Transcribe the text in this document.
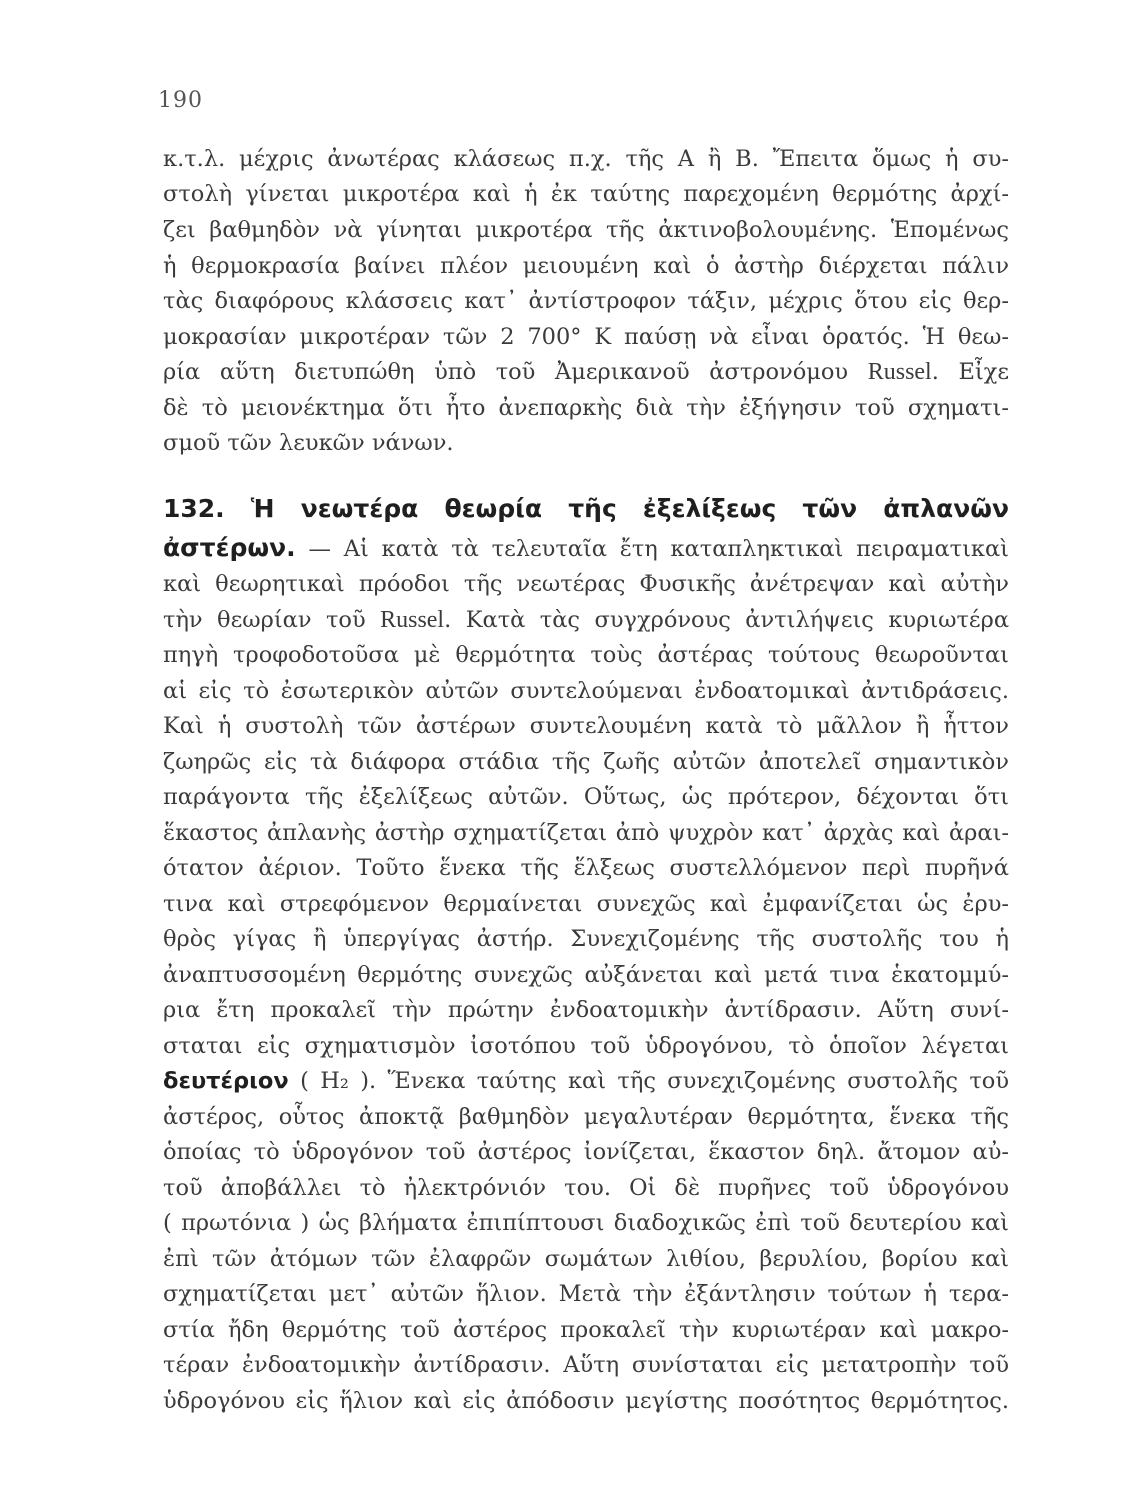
190
κ.τ.λ. μέχρις ἀνωτέρας κλάσεως π.χ. τῆς Α ἢ Β. Ἔπειτα ὅμως ἡ συ-
στολὴ γίνεται μικροτέρα καὶ ἡ ἐκ ταύτης παρεχομένη θερμότης ἀρχί-
ζει βαθμηδὸν νὰ γίνηται μικροτέρα τῆς ἀκτινοβολουμένης. Ἑπομένως
ἡ θερμοκρασία βαίνει πλέον μειουμένη καὶ ὁ ἀστὴρ διέρχεται πάλιν
τὰς διαφόρους κλάσσεις κατ᾽ ἀντίστροφον τάξιν, μέχρις ὅτου εἰς θερ-
μοκρασίαν μικροτέραν τῶν 2 700° K παύσῃ νὰ εἶναι ὁρατός. Ἡ θεω-
ρία αὕτη διετυπώθη ὑπὸ τοῦ Ἀμερικανοῦ ἀστρονόμου Russel. Εἶχε
δὲ τὸ μειονέκτημα ὅτι ἦτο ἀνεπαρκὴς διὰ τὴν ἐξήγησιν τοῦ σχηματι-
σμοῦ τῶν λευκῶν νάνων.
132. Ἡ νεωτέρα θεωρία τῆς ἐξελίξεως τῶν ἀπλανῶν
ἀστέρων. — Αἱ κατὰ τὰ τελευταῖα ἔτη καταπληκτικαὶ πειραματικαὶ
καὶ θεωρητικαὶ πρόοδοι τῆς νεωτέρας Φυσικῆς ἀνέτρεψαν καὶ αὐτὴν
τὴν θεωρίαν τοῦ Russel. Κατὰ τὰς συγχρόνους ἀντιλήψεις κυριωτέρα
πηγὴ τροφοδοτοῦσα μὲ θερμότητα τοὺς ἀστέρας τούτους θεωροῦνται
αἱ εἰς τὸ ἐσωτερικὸν αὐτῶν συντελούμεναι ἐνδοατομικαὶ ἀντιδράσεις.
Καὶ ἡ συστολὴ τῶν ἀστέρων συντελουμένη κατὰ τὸ μᾶλλον ἢ ἧττον
ζωηρῶς εἰς τὰ διάφορα στάδια τῆς ζωῆς αὐτῶν ἀποτελεῖ σημαντικὸν
παράγοντα τῆς ἐξελίξεως αὐτῶν. Οὕτως, ὡς πρότερον, δέχονται ὅτι
ἕκαστος ἀπλανὴς ἀστὴρ σχηματίζεται ἀπὸ ψυχρὸν κατ᾽ ἀρχὰς καὶ ἀραι-
ότατον ἀέριον. Τοῦτο ἕνεκα τῆς ἕλξεως συστελλόμενον περὶ πυρῆνά
τινα καὶ στρεφόμενον θερμαίνεται συνεχῶς καὶ ἐμφανίζεται ὡς ἐρυ-
θρὸς γίγας ἢ ὑπεργίγας ἀστήρ. Συνεχιζομένης τῆς συστολῆς του ἡ
ἀναπτυσσομένη θερμότης συνεχῶς αὐξάνεται καὶ μετά τινα ἑκατομμύ-
ρια ἔτη προκαλεῖ τὴν πρώτην ἐνδοατομικὴν ἀντίδρασιν. Αὕτη συνί-
σταται εἰς σχηματισμὸν ἰσοτόπου τοῦ ὑδρογόνου, τὸ ὁποῖον λέγεται
δευτέριον ( H₂ ). Ἕνεκα ταύτης καὶ τῆς συνεχιζομένης συστολῆς τοῦ
ἀστέρος, οὗτος ἀποκτᾷ βαθμηδὸν μεγαλυτέραν θερμότητα, ἕνεκα τῆς
ὁποίας τὸ ὑδρογόνον τοῦ ἀστέρος ἰονίζεται, ἕκαστον δηλ. ἄτομον αὐ-
τοῦ ἀποβάλλει τὸ ἠλεκτρόνιόν του. Οἱ δὲ πυρῆνες τοῦ ὑδρογόνου
( πρωτόνια ) ὡς βλήματα ἐπιπίπτουσι διαδοχικῶς ἐπὶ τοῦ δευτερίου καὶ
ἐπὶ τῶν ἀτόμων τῶν ἐλαφρῶν σωμάτων λιθίου, βερυλίου, βορίου καὶ
σχηματίζεται μετ᾽ αὐτῶν ἥλιον. Μετὰ τὴν ἐξάντλησιν τούτων ἡ τερα-
στία ἤδη θερμότης τοῦ ἀστέρος προκαλεῖ τὴν κυριωτέραν καὶ μακρο-
τέραν ἐνδοατομικὴν ἀντίδρασιν. Αὕτη συνίσταται εἰς μετατροπὴν τοῦ
ὑδρογόνου εἰς ἥλιον καὶ εἰς ἀπόδοσιν μεγίστης ποσότητος θερμότητος.
